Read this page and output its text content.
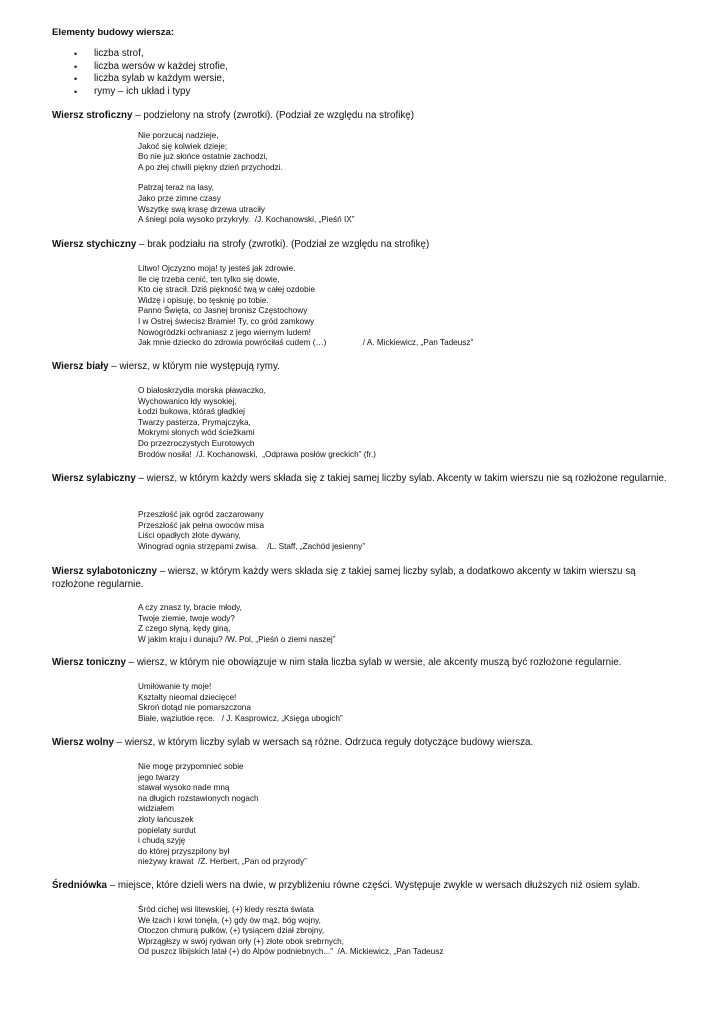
Elementy budowy wiersza:
• liczba strof,
• liczba wersów w każdej strofie,
• liczba sylab w każdym wersie,
• rymy – ich układ i typy
Wiersz stroficzny – podzielony na strofy (zwrotki). (Podział ze względu na strofikę)
Nie porzucaj nadzieje,
Jakoć się kolwiek dzieje;
Bo nie już słońce ostatnie zachodzi,
A po złej chwili piękny dzień przychodzi.
Patrzaj teraz na lasy,
Jako prze zimne czasy
Wszytkę swą krasę drzewa utraciły
A śniegi pola wysoko przykryły.  /J. Kochanowski, „Pieśń IX”
Wiersz stychiczny – brak podziału na strofy (zwrotki). (Podział ze względu na strofikę)
Litwo! Ojczyzno moja! ty jesteś jak zdrowie.
Ile cię trzeba cenić, ten tylko się dowie,
Kto cię stracił. Dziś piękność twą w całej ozdobie
Widzę i opisuję, bo tęsknię po tobie.
Panno Święta, co Jasnej bronisz Częstochowy
I w Ostrej świecisz Bramie! Ty, co gród zamkowy
Nowogródzki ochraniasz z jego wiernym ludem!
Jak mnie dziecko do zdrowia powróciłaś cudem (…)                / A. Mickiewicz, „Pan Tadeusz”
Wiersz biały – wiersz, w którym nie występują rymy.
O białoskrzydła morska pławaczko,
Wychowanico łdy wysokiej,
Łodzi bukowa, któraś gładkiej
Twarzy pasterza, Prymajczyka,
Mokrymi słonych wód ściežkami
Do przezroczystych Eurotowych
Brodów nosiła!  /J. Kochanowski,  „Odprawa posłów greckich” (fr.)
Wiersz sylabiczny – wiersz, w którym każdy wers składa się z takiej samej liczby sylab. Akcenty w takim wierszu nie są rozłożone regularnie.
Przeszłość jak ogród zaczarowany
Przeszłość jak pełna owoców misa
Liści opadłych złote dywany,
Winograd ognia strzępami zwisa.    /L. Staff, „Zachód jesienny”
Wiersz sylabotoniczny – wiersz, w którym każdy wers składa się z takiej samej liczby sylab, a dodatkowo akcenty w takim wierszu są rozłożone regularnie.
A czy znasz ty, bracie młody,
Twoje ziemie, twoje wody?
Z czego słyną, kędy giną,
W jakim kraju i dunaju? /W. Pol, „Pieśń o ziemi naszej”
Wiersz toniczny – wiersz, w którym nie obowiązuje w nim stała liczba sylab w wersie, ale akcenty muszą być rozłożone regularnie.
Umiłowanie ty moje!
Kształty nieomal dziecięce!
Skroń dotąd nie pomarszczona
Białe, wąziutkie ręce.   / J. Kasprowicz, „Księga ubogich”
Wiersz wolny – wiersz, w którym liczby sylab w wersach są różne. Odrzuca reguły dotyczące budowy wiersza.
Nie mogę przypomnieć sobie
jego twarzy
stawał wysoko nade mną
na długich rozstawionych nogach
widziałem
złoty łańcuszek
popielaty surdut
i chudą szyję
do której przyszpilony był
nieżywy krawat  /Z. Herbert, „Pan od przyrody”
Średniówka – miejsce, które dzieli wers na dwie, w przybliżeniu równe części. Występuje zwykle w wersach dłuższych niż osiem sylab.
Śród cichej wsi litewskiej, (+) kiedy reszta świata
We łzach i krwi tonęła, (+) gdy ów mąż, bóg wojny,
Otoczon chmurą pułków, (+) tysiącem dział zbrojny,
Wprzągłszy w swój rydwan orły (+) złote obok srebrnych,
Od puszcz libijskich latał (+) do Alpów podniebnych...”  /A. Mickiewicz, „Pan Tadeusz
